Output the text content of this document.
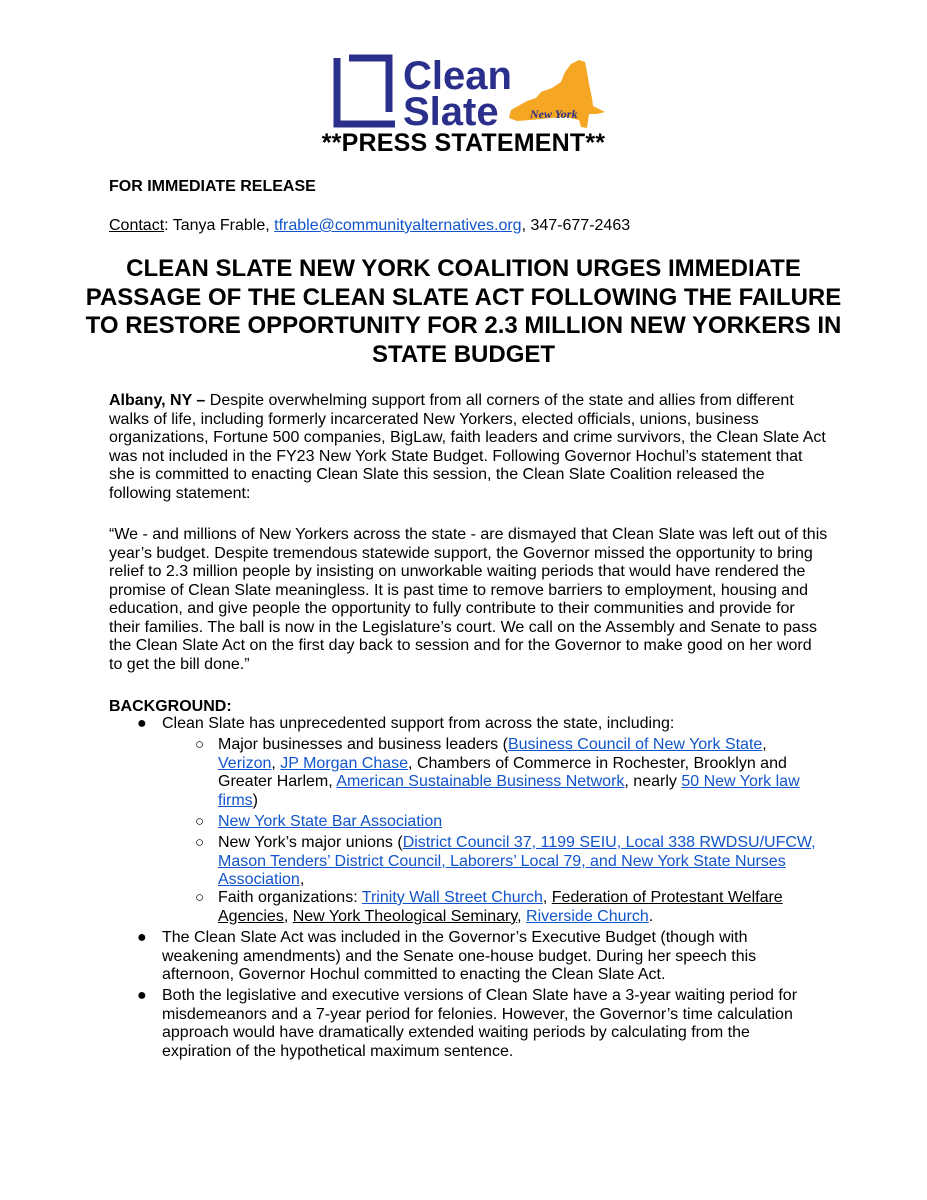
Clean
Slate	New York
**PRESS STATEMENT**
FOR IMMEDIATE RELEASE
Contact: Tanya Frable, tfrable@communityalternatives.org, 347-677-2463
CLEAN SLATE NEW YORK COALITION URGES IMMEDIATE PASSAGE OF THE CLEAN SLATE ACT FOLLOWING THE FAILURE TO RESTORE OPPORTUNITY FOR 2.3 MILLION NEW YORKERS IN STATE BUDGET

Albany, NY – Despite overwhelming support from all corners of the state and allies from different walks of life, including formerly incarcerated New Yorkers, elected officials, unions, business organizations, Fortune 500 companies, BigLaw, faith leaders and crime survivors, the Clean Slate Act was not included in the FY23 New York State Budget. Following Governor Hochul’s statement that she is committed to enacting Clean Slate this session, the Clean Slate Coalition released the following statement:

“We - and millions of New Yorkers across the state - are dismayed that Clean Slate was left out of this year’s budget. Despite tremendous statewide support, the Governor missed the opportunity to bring relief to 2.3 million people by insisting on unworkable waiting periods that would have rendered the promise of Clean Slate meaningless. It is past time to remove barriers to employment, housing and education, and give people the opportunity to fully contribute to their communities and provide for their families. The ball is now in the Legislature’s court. We call on the Assembly and Senate to pass the Clean Slate Act on the first day back to session and for the Governor to make good on her word to get the bill done.”

BACKGROUND:
● Clean Slate has unprecedented support from across the state, including:
○ Major businesses and business leaders (Business Council of New York State, Verizon, JP Morgan Chase, Chambers of Commerce in Rochester, Brooklyn and Greater Harlem, American Sustainable Business Network, nearly 50 New York law firms)
○ New York State Bar Association
○ New York’s major unions (District Council 37, 1199 SEIU, Local 338 RWDSU/UFCW, Mason Tenders’ District Council, Laborers’ Local 79, and New York State Nurses Association,
○ Faith organizations: Trinity Wall Street Church, Federation of Protestant Welfare Agencies, New York Theological Seminary, Riverside Church.
● The Clean Slate Act was included in the Governor’s Executive Budget (though with weakening amendments) and the Senate one-house budget. During her speech this afternoon, Governor Hochul committed to enacting the Clean Slate Act.
● Both the legislative and executive versions of Clean Slate have a 3-year waiting period for misdemeanors and a 7-year period for felonies. However, the Governor’s time calculation approach would have dramatically extended waiting periods by calculating from the expiration of the hypothetical maximum sentence.
